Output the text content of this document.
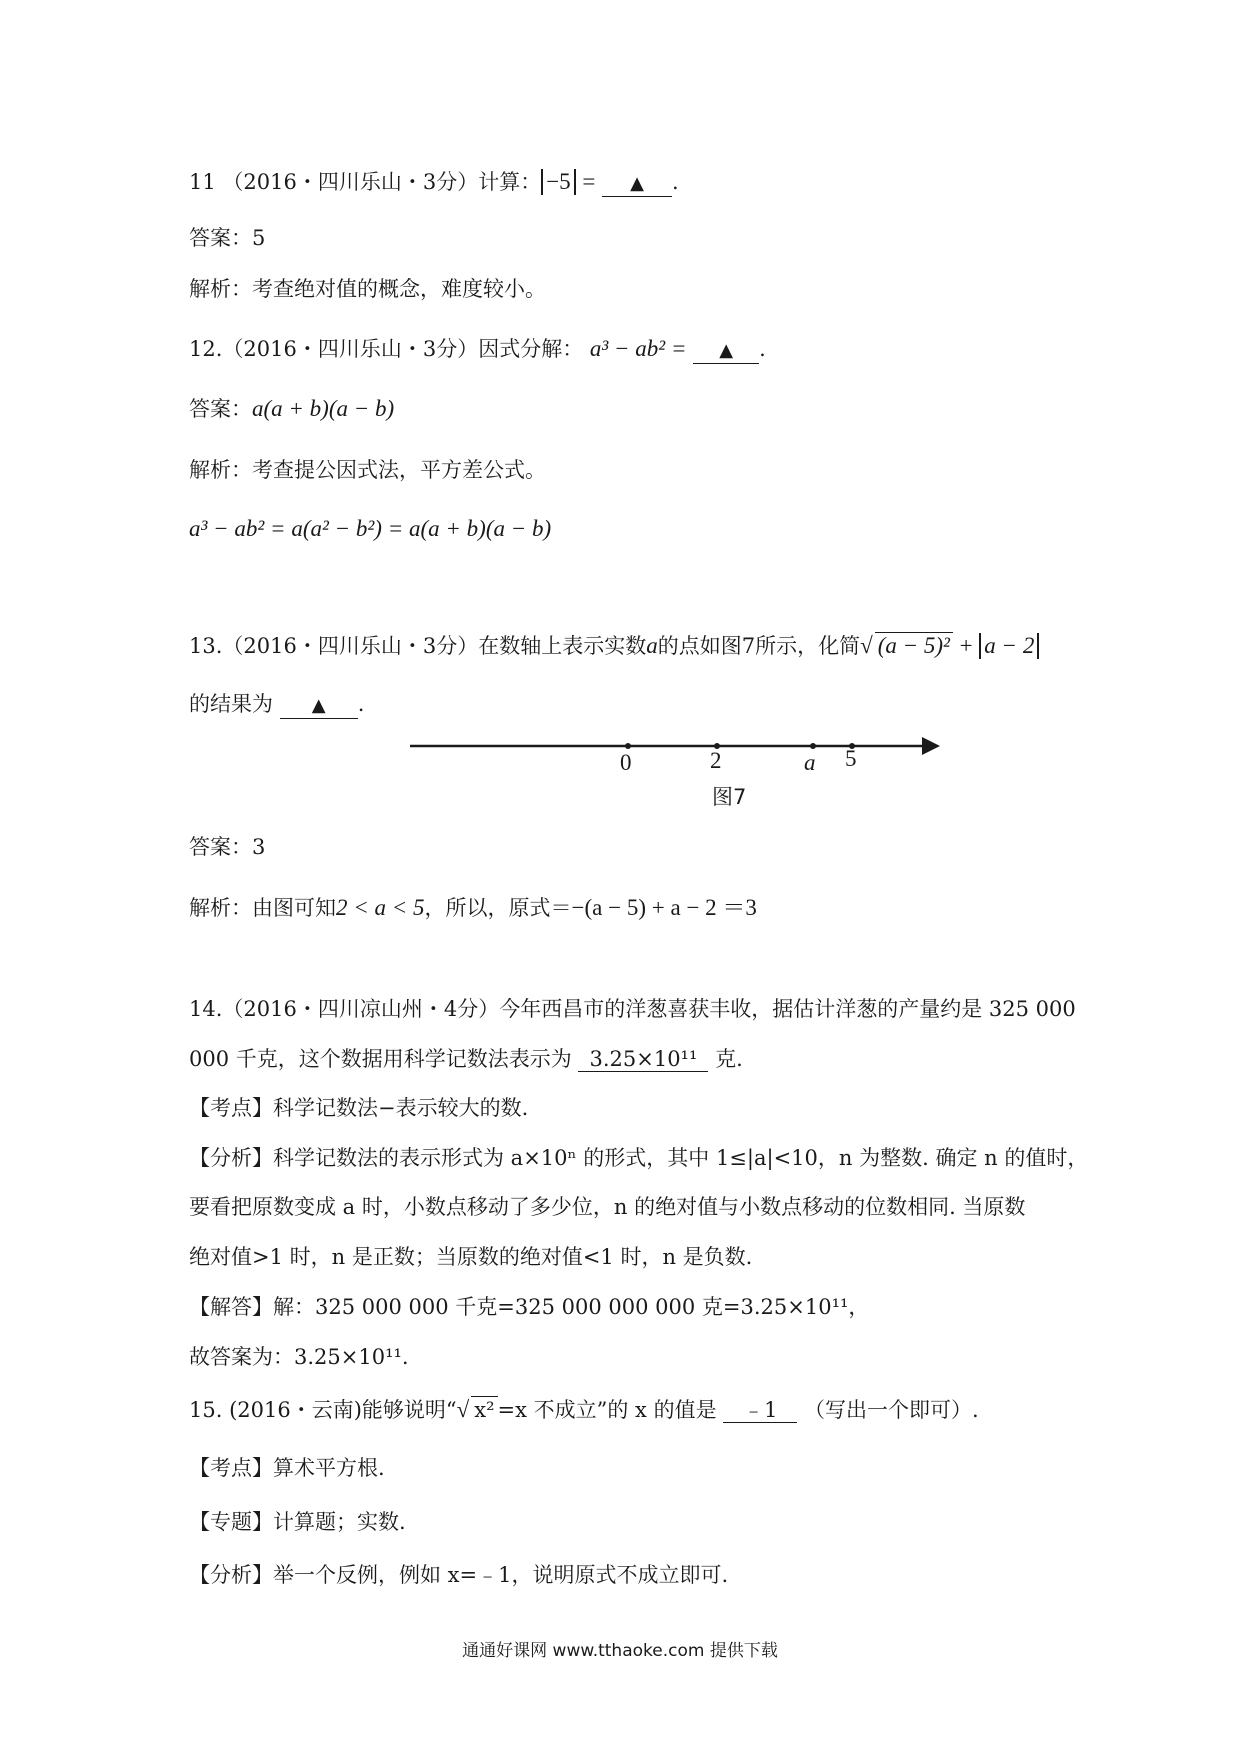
11 （2016・四川乐山・3分）计算： −5 = ▲ .
答案：5
解析：考查绝对值的概念，难度较小。
12.（2016・四川乐山・3分）因式分解： a³ − ab² = ▲ .
答案：a(a + b)(a − b)
解析：考查提公因式法，平方差公式。
a³ − ab² = a(a² − b²) = a(a + b)(a − b)
13.（2016・四川乐山・3分）在数轴上表示实数a的点如图7所示，化简√ (a − 5)² + a − 2
的结果为 ▲ .
0	2	a 5
图7
答案：3
解析：由图可知2 < a < 5，所以，原式＝−(a − 5) + a − 2 ＝3
14.（2016・四川凉山州・4分）今年西昌市的洋葱喜获丰收，据估计洋葱的产量约是 325 000
000 千克，这个数据用科学记数法表示为 3.25×10¹¹ 克.
【考点】科学记数法−表示较大的数.
【分析】科学记数法的表示形式为 a×10ⁿ 的形式，其中 1≤|a|<10，n 为整数. 确定 n 的值时，
要看把原数变成 a 时，小数点移动了多少位，n 的绝对值与小数点移动的位数相同. 当原数
绝对值>1 时，n 是正数；当原数的绝对值<1 时，n 是负数.
【解答】解：325 000 000 千克=325 000 000 000 克=3.25×10¹¹，
故答案为：3.25×10¹¹.
15. (2016・云南)能够说明“√ x² =x 不成立”的 x 的值是 ﹣1 （写出一个即可）.
【考点】算术平方根.
【专题】计算题；实数.
【分析】举一个反例，例如 x=﹣1，说明原式不成立即可.
通通好课网 www.tthaoke.com 提供下载
